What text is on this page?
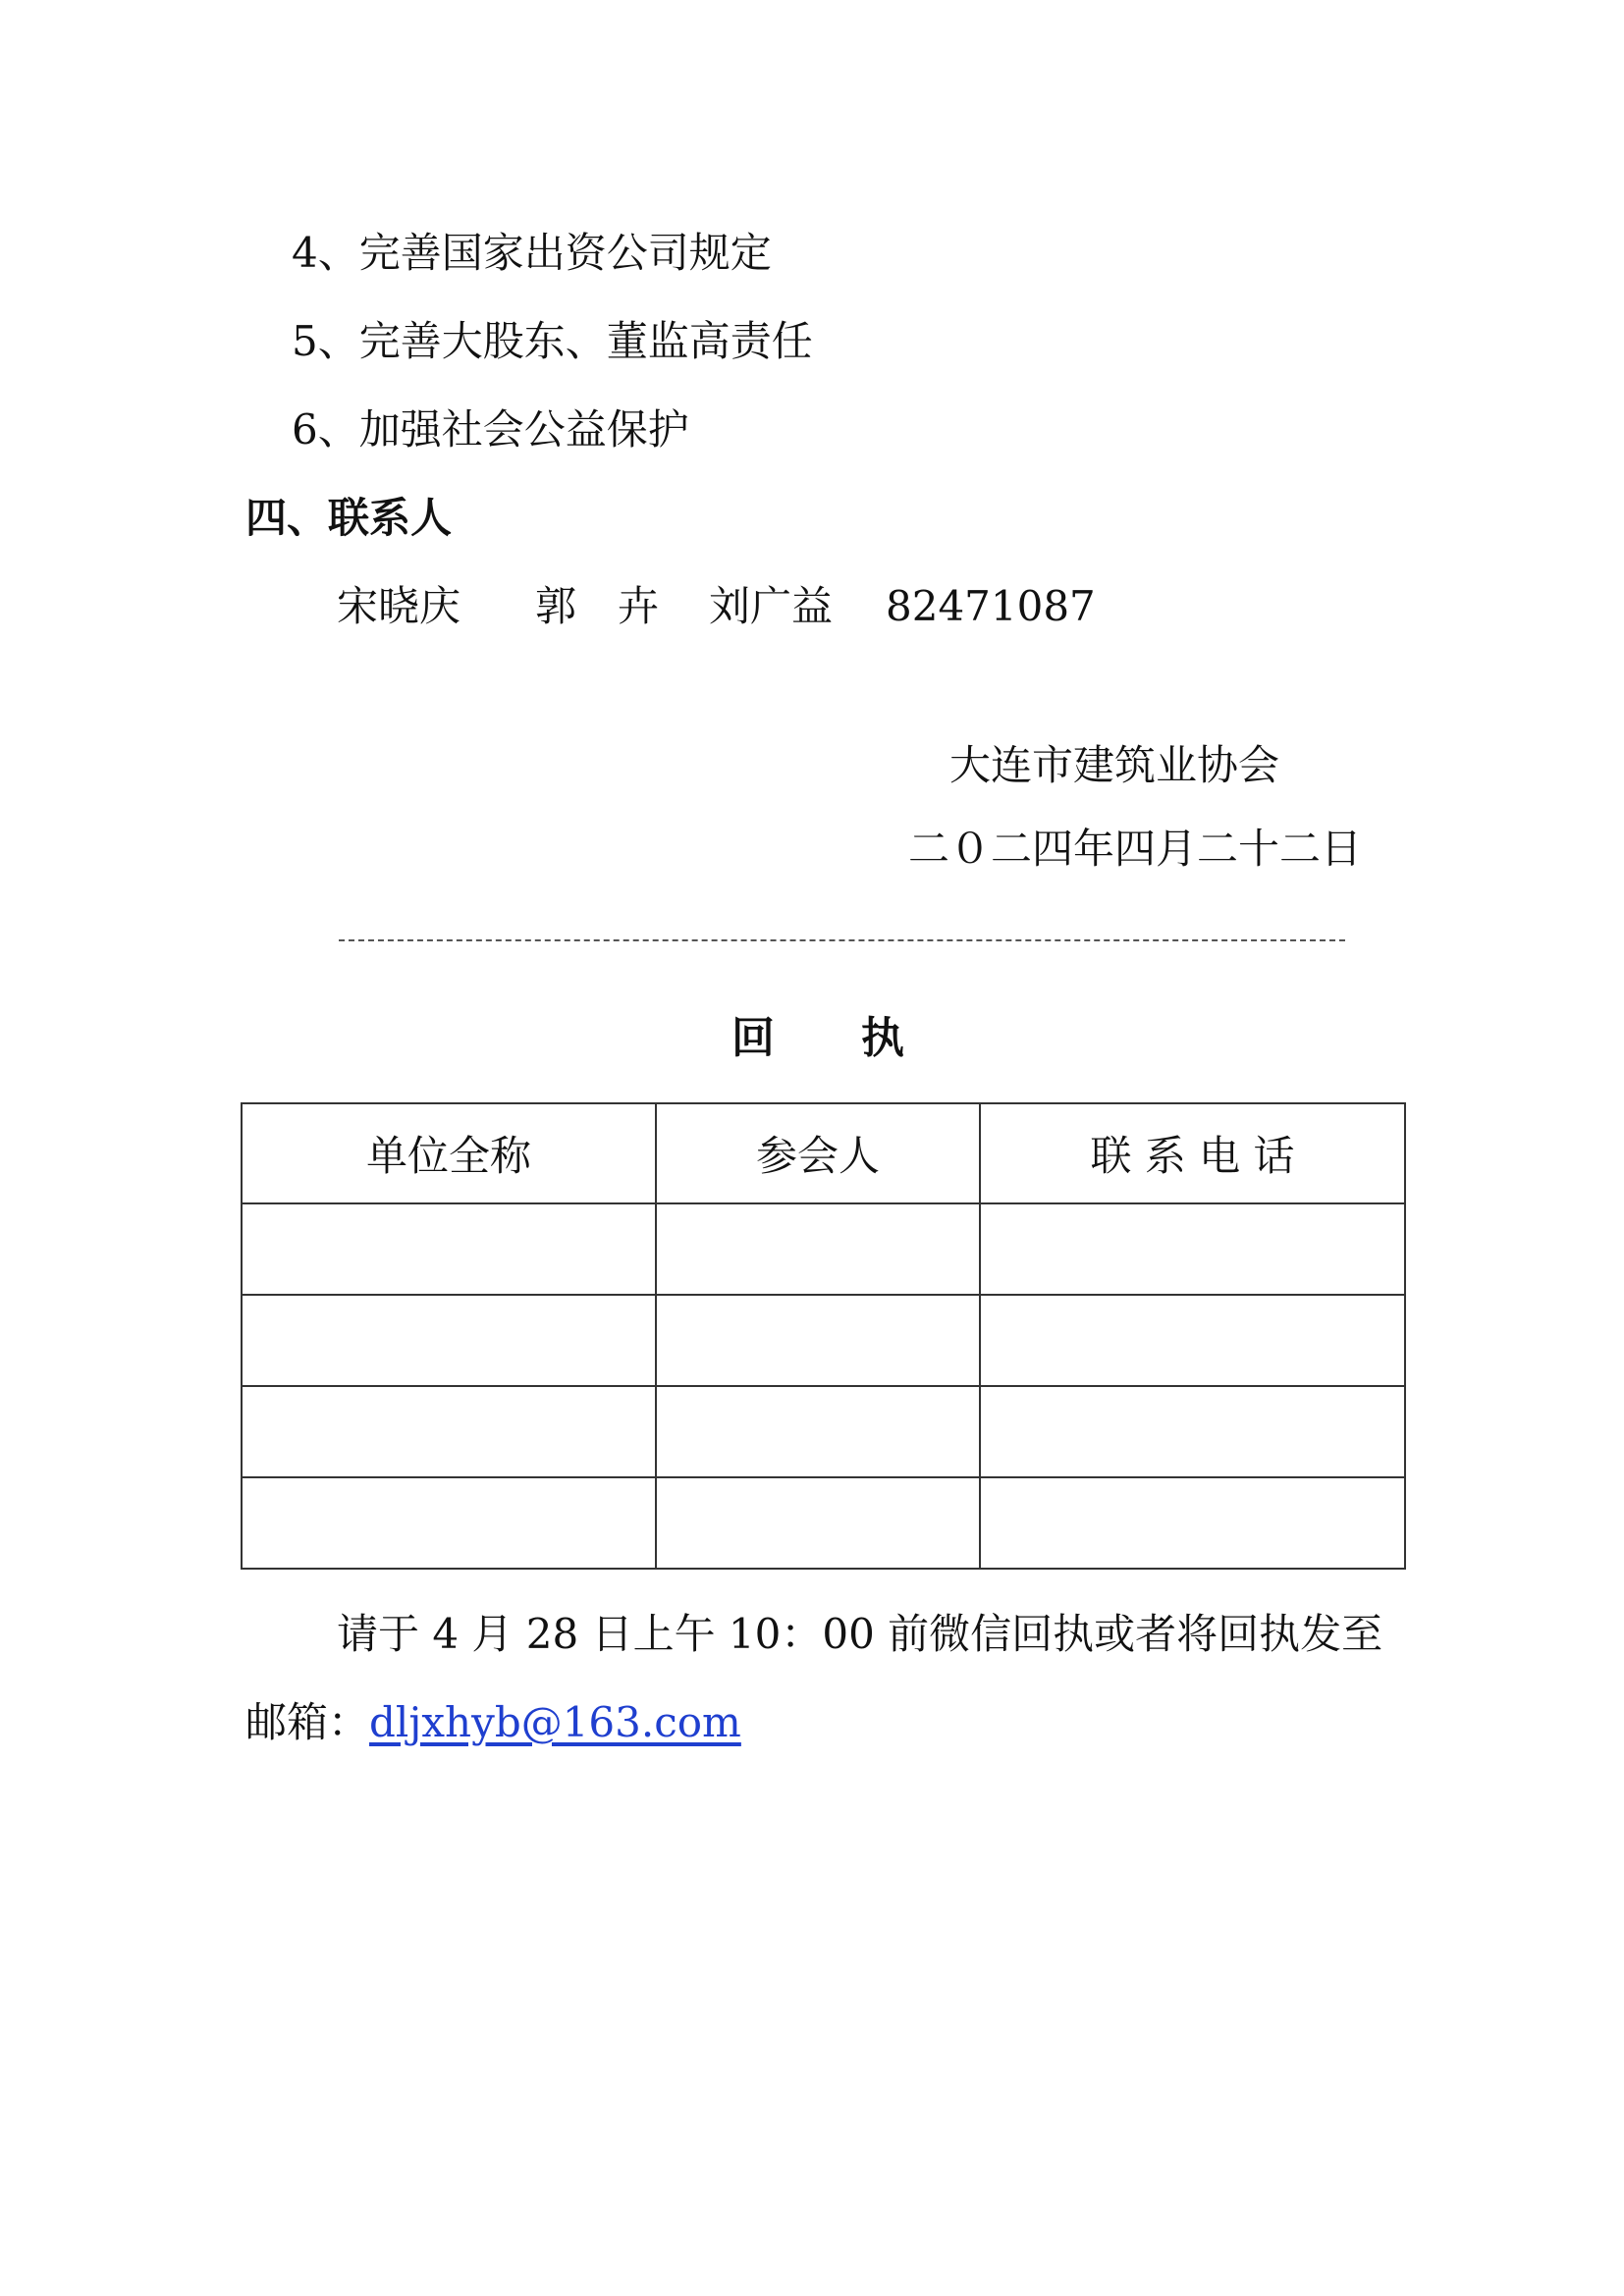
4、完善国家出资公司规定
5、完善大股东、董监高责任
6、加强社会公益保护
四、联系人
宋晓庆 郭　卉 刘广益 82471087
大连市建筑业协会
二０二四年四月二十二日
回　　执
单位全称	参会人	联 系 电 话

请于 4 月 28 日上午 10：00 前微信回执或者将回执发至
邮箱：dljxhyb@163.com
